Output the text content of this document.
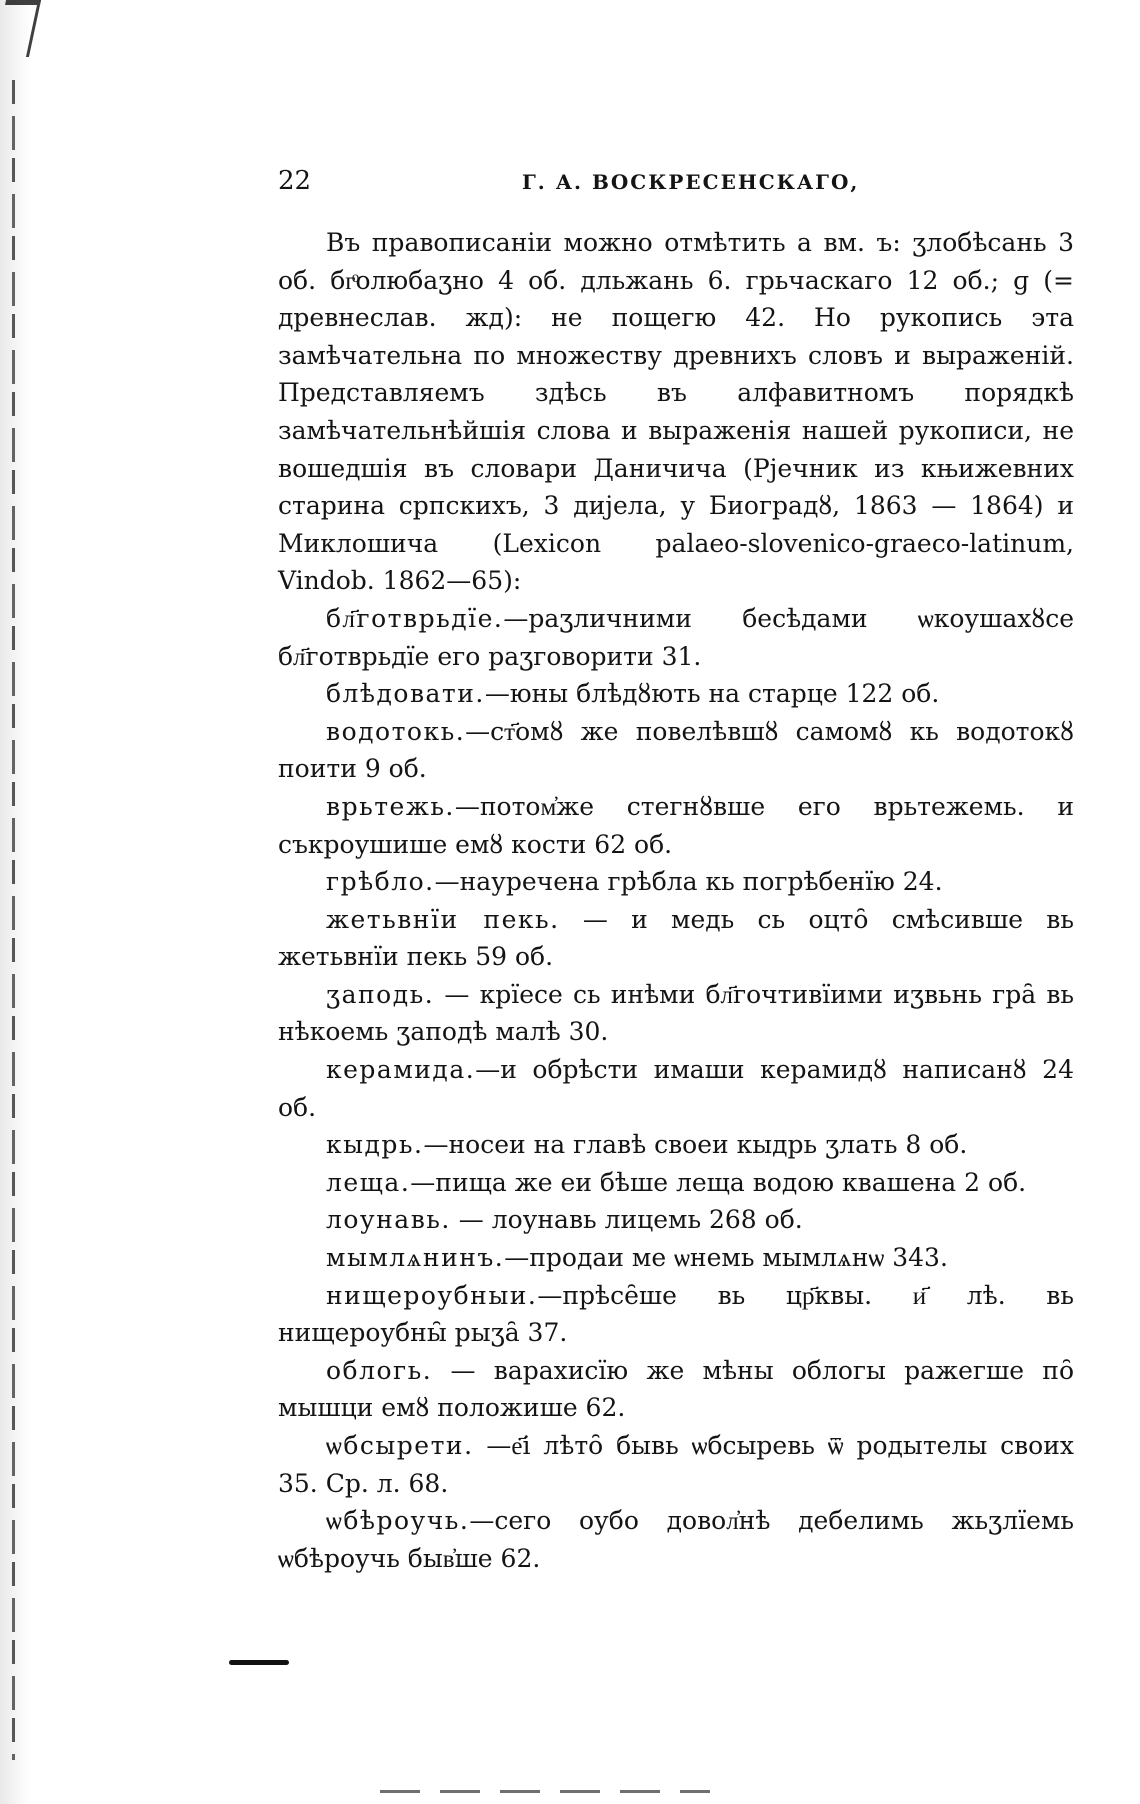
22	Г. А. ВОСКРЕСЕНСКАГО,

Въ правописаніи можно отмѣтить а вм. ъ: ʒлобѣсань 3 об. бгͦолюбаʒно 4 об. дльжань 6. грьчаскаго 12 об.; ɡ (= древнеслав. жд): не пощегю 42. Но рукопись эта замѣчательна по множеству древнихъ словъ и выраженій. Представляемъ здѣсь въ алфавитномъ порядкѣ замѣчательнѣйшія слова и выраженія нашей рукописи, не вошедшія въ словари Даничича (Рјечник из књижевних старина српскихъ, 3 дијела, у Биоградȣ, 1863 — 1864) и Миклошича (Lexicon palaeo-slovenico-graeco-latinum, Vindob. 1862—65):

бл҃готврьдїе.—раʒличними бесѣдами ѡкоушахȣсе бл҃готврьдїе его раʒговорити 31.

блѣдовати.—юны блѣдȣють на старце 122 об.

водотокь.—ст҃омȣ же повелѣвшȣ самомȣ кь водотокȣ поити 9 об.

врьтежь.—потом҆же стегнȣвше его врьтежемь. и съкроушише емȣ кости 62 об.

грѣбло.—науречена грѣбла кь погрѣбенїю 24.

жетьвнїи пекь. — и медь сь оцто̑ смѣсивше вь жетьвнїи пекь 59 об.

ʒаподь. — крїесе сь инѣми бл҃гочтивїими иʒвьнь гра̑ вь нѣкоемь ʒаподѣ малѣ 30.

керамида.—и обрѣсти имаши керамидȣ написанȣ 24 об.

кыдрь.—носеи на главѣ своеи кыдрь ʒлать 8 об.

леща.—пища же еи бѣше леща водою квашена 2 об.

лоунавь. — лоунавь лицемь 268 об.

мымлѧнинъ.—продаи ме ѡнемь мымлѧнѡ 343.

нищероубныи.—прѣсе̑ше вь цр҃квы. и҃ лѣ. вь нищероубны̑ рыʒа̑ 37.

облогь. — варахисїю же мѣны облогы ражегше по̑ мышци емȣ положише 62.

ѡбсырети. —е҃і лѣто̑ бывь ѡбсыревь ѿ родытелы своих 35. Ср. л. 68.

ѡбѣроучь.—сего оубо довол҆нѣ дебелимь жьʒлїемь ѡбѣроучь быв҆ше 62.
